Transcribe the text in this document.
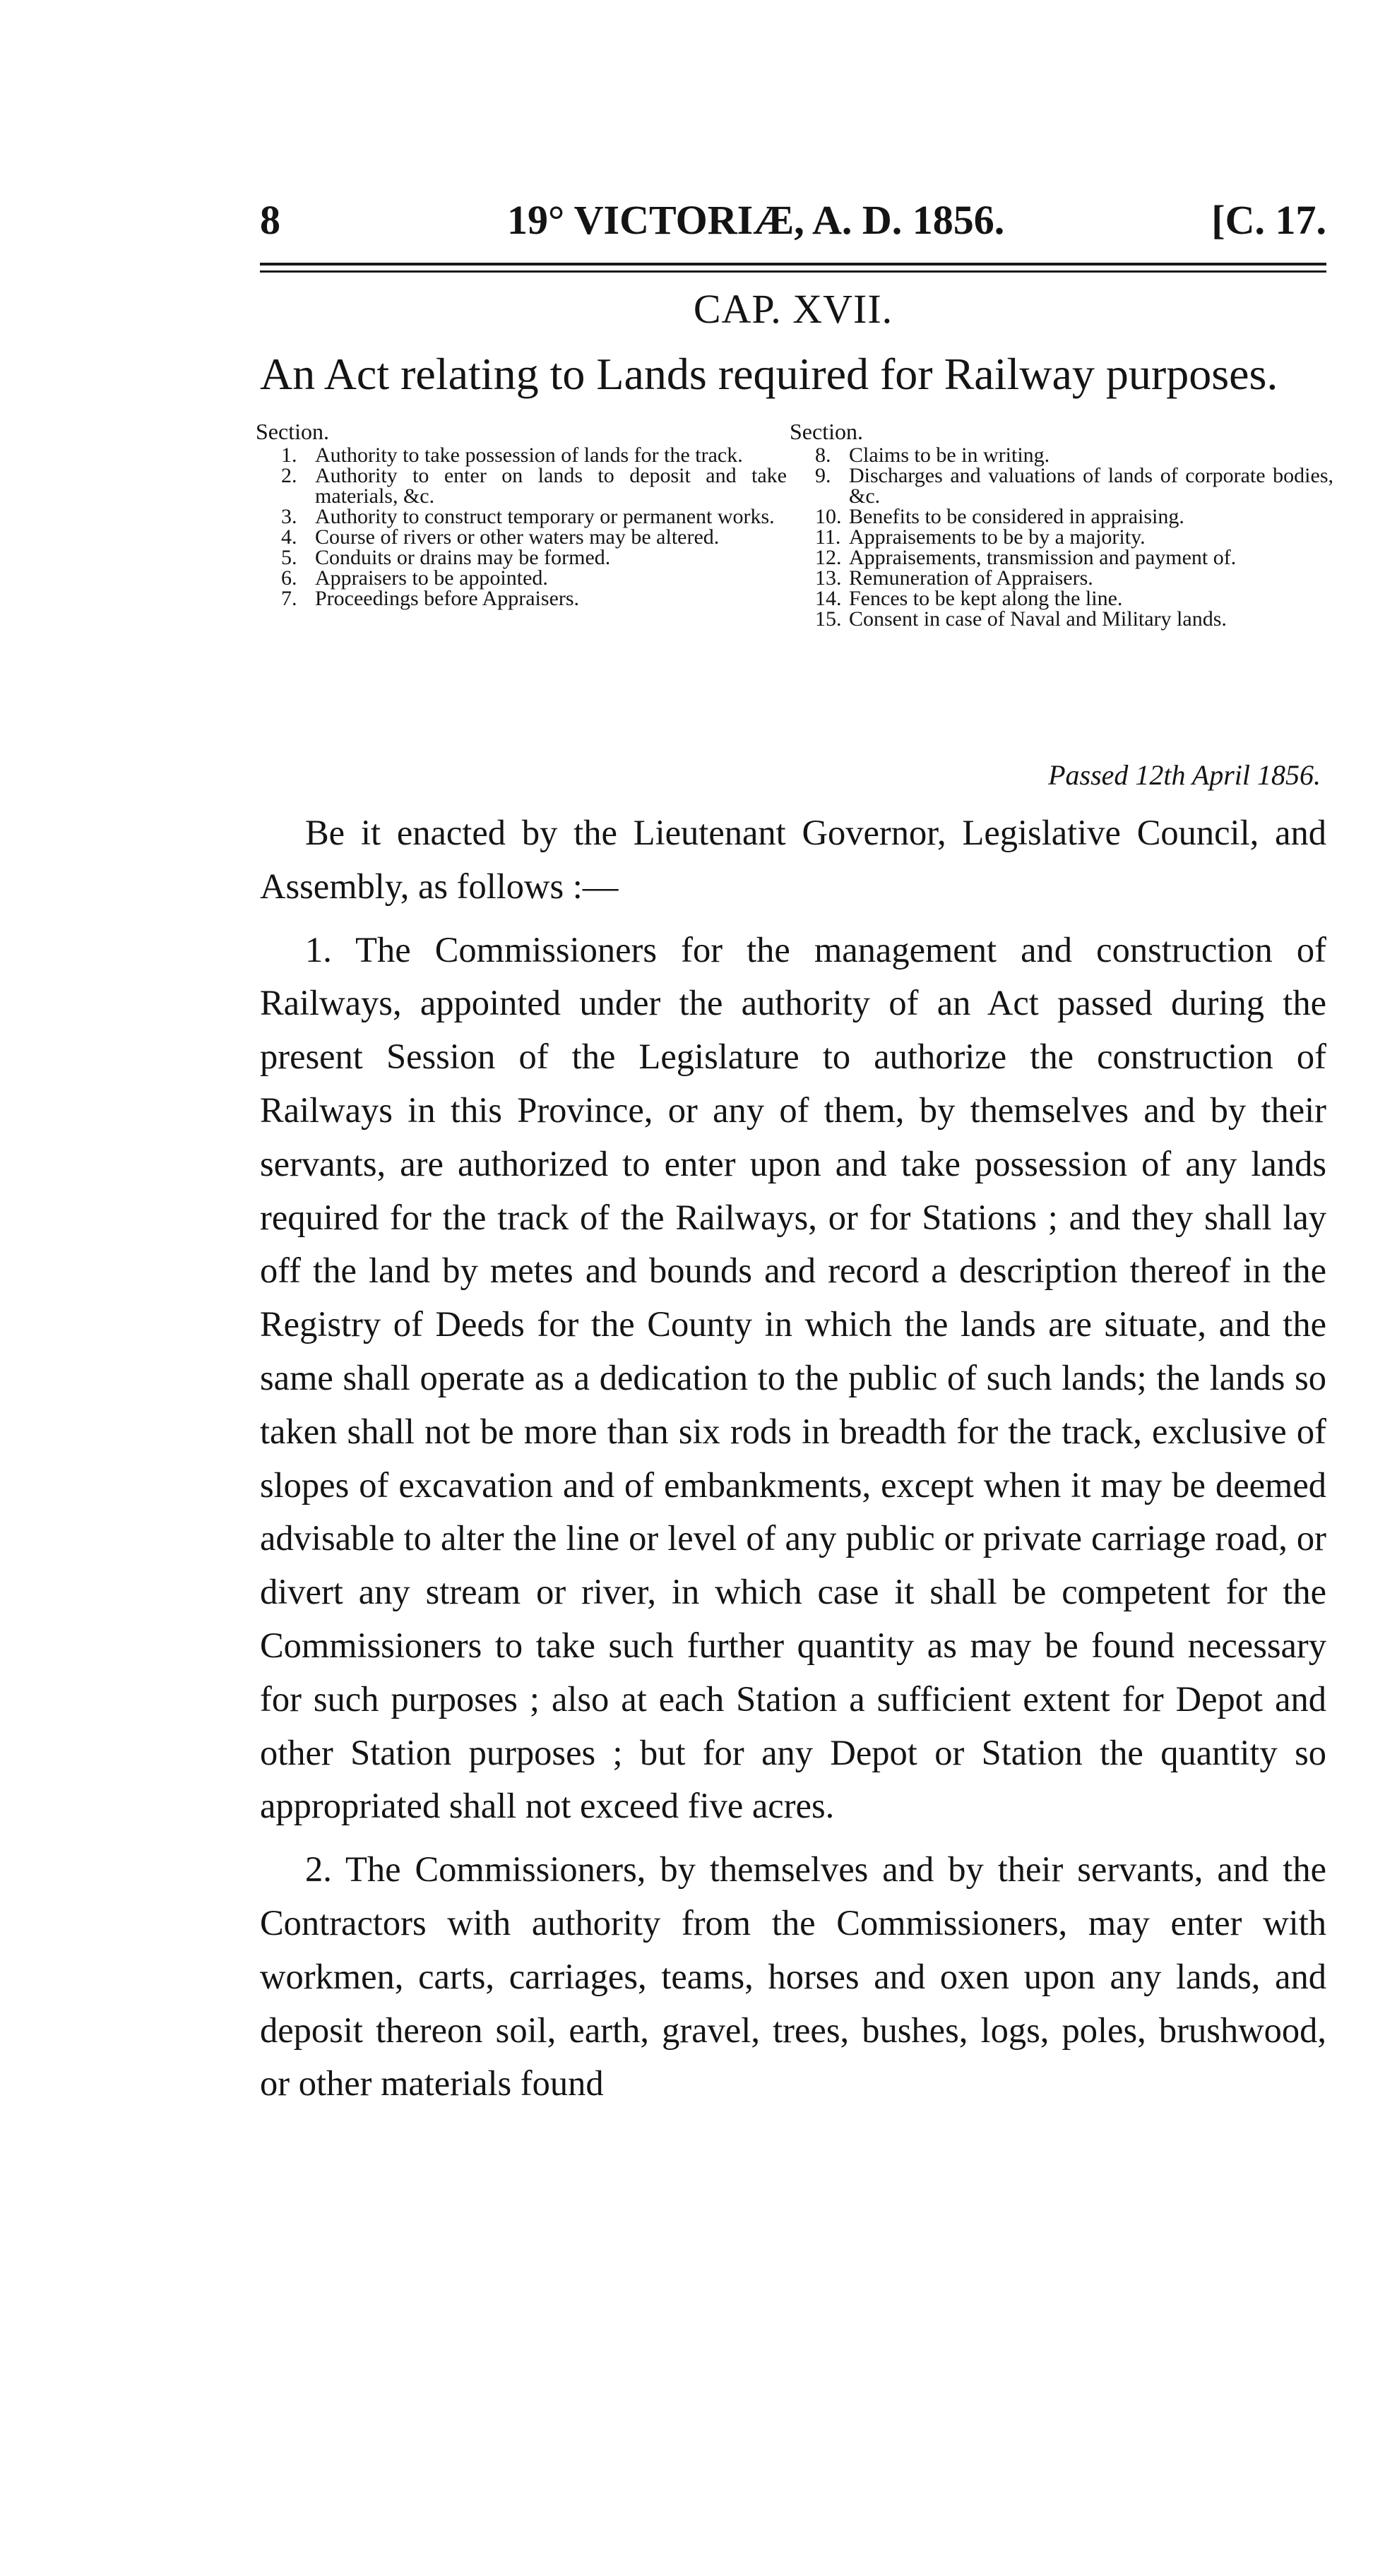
8	19° VICTORIÆ, A. D. 1856.	[C. 17.
CAP. XVII.
An Act relating to Lands required for Railway purposes.
Section.
1. Authority to take possession of lands for the track.
2. Authority to enter on lands to deposit and take materials, &c.
3. Authority to construct temporary or permanent works.
4. Course of rivers or other waters may be altered.
5. Conduits or drains may be formed.
6. Appraisers to be appointed.
7. Proceedings before Appraisers.
Section.
8. Claims to be in writing.
9. Discharges and valuations of lands of corporate bodies, &c.
10. Benefits to be considered in appraising.
11. Appraisements to be by a majority.
12. Appraisements, transmission and payment of.
13. Remuneration of Appraisers.
14. Fences to be kept along the line.
15. Consent in case of Naval and Military lands.
Passed 12th April 1856.

Be it enacted by the Lieutenant Governor, Legislative Council, and Assembly, as follows :—

1. The Commissioners for the management and construction of Railways, appointed under the authority of an Act passed during the present Session of the Legislature to authorize the construction of Railways in this Province, or any of them, by themselves and by their servants, are authorized to enter upon and take possession of any lands required for the track of the Railways, or for Stations ; and they shall lay off the land by metes and bounds and record a description thereof in the Registry of Deeds for the County in which the lands are situate, and the same shall operate as a dedication to the public of such lands; the lands so taken shall not be more than six rods in breadth for the track, exclusive of slopes of excavation and of embankments, except when it may be deemed advisable to alter the line or level of any public or private carriage road, or divert any stream or river, in which case it shall be competent for the Commissioners to take such further quantity as may be found necessary for such purposes ; also at each Station a sufficient extent for Depot and other Station purposes ; but for any Depot or Station the quantity so appropriated shall not exceed five acres.

2. The Commissioners, by themselves and by their servants, and the Contractors with authority from the Commissioners, may enter with workmen, carts, carriages, teams, horses and oxen upon any lands, and deposit thereon soil, earth, gravel, trees, bushes, logs, poles, brushwood, or other materials found
